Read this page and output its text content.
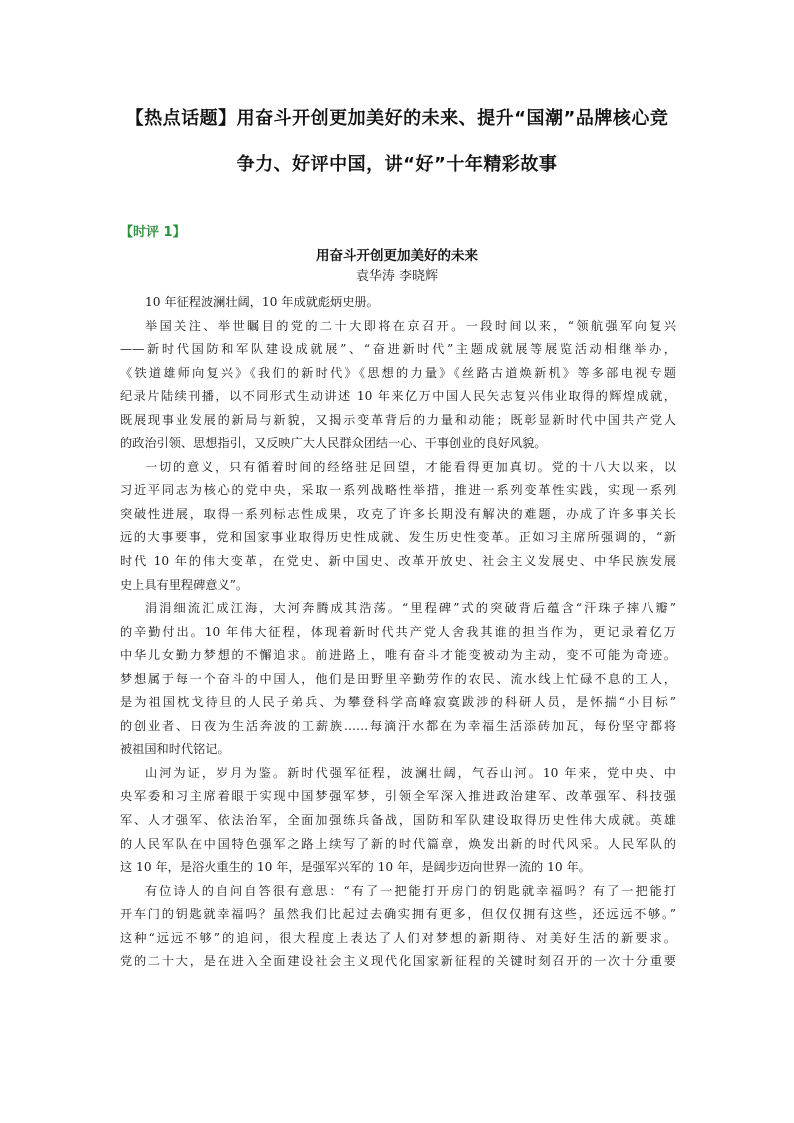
【热点话题】用奋斗开创更加美好的未来、提升“国潮”品牌核心竞
争力、好评中国，讲“好”十年精彩故事
【时评 1】
用奋斗开创更加美好的未来
袁华涛 李晓辉
10 年征程波澜壮阔，10 年成就彪炳史册。
举国关注、举世瞩目的党的二十大即将在京召开。一段时间以来，“领航强军向复兴
——新时代国防和军队建设成就展”、“奋进新时代”主题成就展等展览活动相继举办，
《铁道雄师向复兴》《我们的新时代》《思想的力量》《丝路古道焕新机》等多部电视专题
纪录片陆续刊播，以不同形式生动讲述 10 年来亿万中国人民矢志复兴伟业取得的辉煌成就，
既展现事业发展的新局与新貌，又揭示变革背后的力量和动能；既彰显新时代中国共产党人
的政治引领、思想指引，又反映广大人民群众团结一心、干事创业的良好风貌。
一切的意义，只有循着时间的经络驻足回望，才能看得更加真切。党的十八大以来，以
习近平同志为核心的党中央，采取一系列战略性举措，推进一系列变革性实践，实现一系列
突破性进展，取得一系列标志性成果，攻克了许多长期没有解决的难题，办成了许多事关长
远的大事要事，党和国家事业取得历史性成就、发生历史性变革。正如习主席所强调的，“新
时代 10 年的伟大变革，在党史、新中国史、改革开放史、社会主义发展史、中华民族发展
史上具有里程碑意义”。
涓涓细流汇成江海，大河奔腾成其浩荡。“里程碑”式的突破背后蕴含“汗珠子摔八瓣”
的辛勤付出。10 年伟大征程，体现着新时代共产党人舍我其谁的担当作为，更记录着亿万
中华儿女勤力梦想的不懈追求。前进路上，唯有奋斗才能变被动为主动，变不可能为奇迹。
梦想属于每一个奋斗的中国人，他们是田野里辛勤劳作的农民、流水线上忙碌不息的工人，
是为祖国枕戈待旦的人民子弟兵、为攀登科学高峰寂寞跋涉的科研人员，是怀揣“小目标”
的创业者、日夜为生活奔波的工薪族……每滴汗水都在为幸福生活添砖加瓦，每份坚守都将
被祖国和时代铭记。
山河为证，岁月为鉴。新时代强军征程，波澜壮阔，气吞山河。10 年来，党中央、中
央军委和习主席着眼于实现中国梦强军梦，引领全军深入推进政治建军、改革强军、科技强
军、人才强军、依法治军，全面加强练兵备战，国防和军队建设取得历史性伟大成就。英雄
的人民军队在中国特色强军之路上续写了新的时代篇章，焕发出新的时代风采。人民军队的
这 10 年，是浴火重生的 10 年，是强军兴军的 10 年，是阔步迈向世界一流的 10 年。
有位诗人的自问自答很有意思：“有了一把能打开房门的钥匙就幸福吗？有了一把能打
开车门的钥匙就幸福吗？虽然我们比起过去确实拥有更多，但仅仅拥有这些，还远远不够。”
这种“远远不够”的追问，很大程度上表达了人们对梦想的新期待、对美好生活的新要求。
党的二十大，是在进入全面建设社会主义现代化国家新征程的关键时刻召开的一次十分重要
